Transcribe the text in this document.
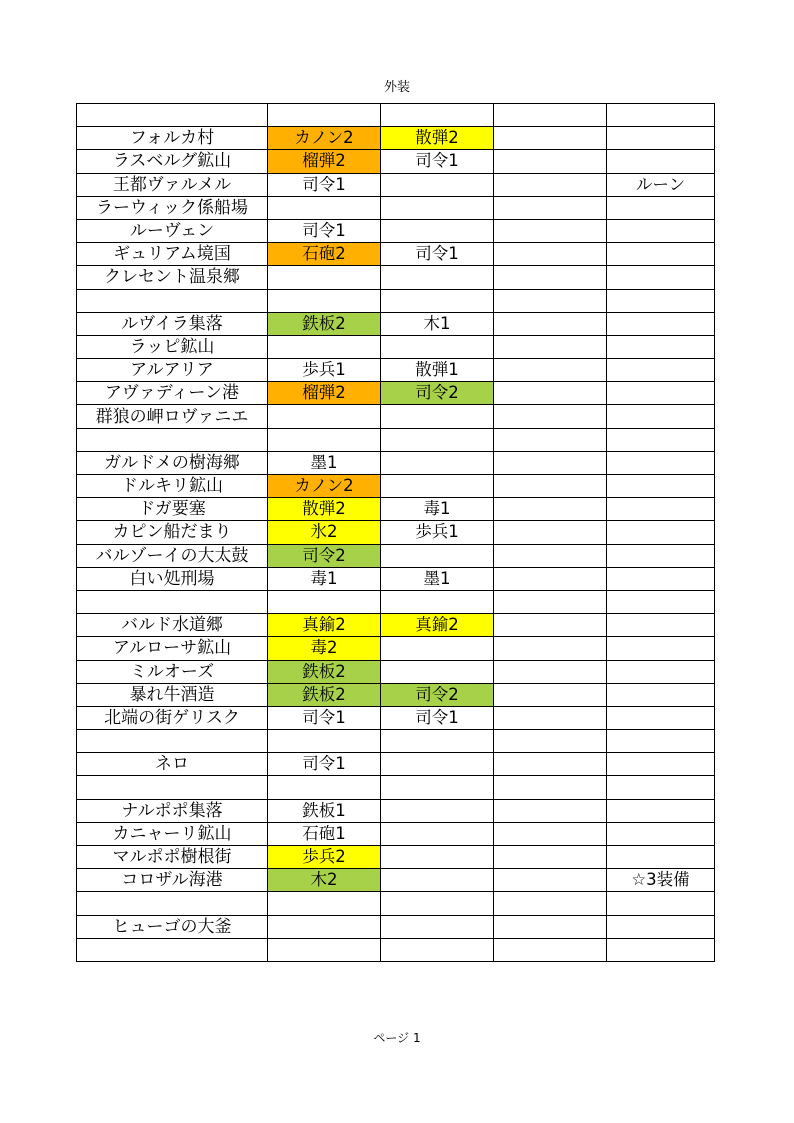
外装

フォルカ村	カノン2	散弾2		
ラスベルグ鉱山	榴弾2	司令1		
王都ヴァルメル	司令1			ルーン
ラーウィック係船場				
ルーヴェン	司令1			
ギュリアム境国	石砲2	司令1		
クレセント温泉郷				

ルヴイラ集落	鉄板2	木1		
ラッピ鉱山				
アルアリア	歩兵1	散弾1		
アヴァディーン港	榴弾2	司令2		
群狼の岬ロヴァニエ				

ガルドメの樹海郷	墨1			
ドルキリ鉱山	カノン2			
ドガ要塞	散弾2	毒1		
カピン船だまり	氷2	歩兵1		
バルゾーイの大太鼓	司令2			
白い処刑場	毒1	墨1		

バルド水道郷	真鍮2	真鍮2		
アルローサ鉱山	毒2			
ミルオーズ	鉄板2			
暴れ牛酒造	鉄板2	司令2		
北端の街ゲリスク	司令1	司令1		

ネロ	司令1			

ナルポポ集落	鉄板1			
カニャーリ鉱山	石砲1			
マルポポ樹根街	歩兵2			
コロザル海港	木2			☆3装備

ヒューゴの大釜				

ページ 1
